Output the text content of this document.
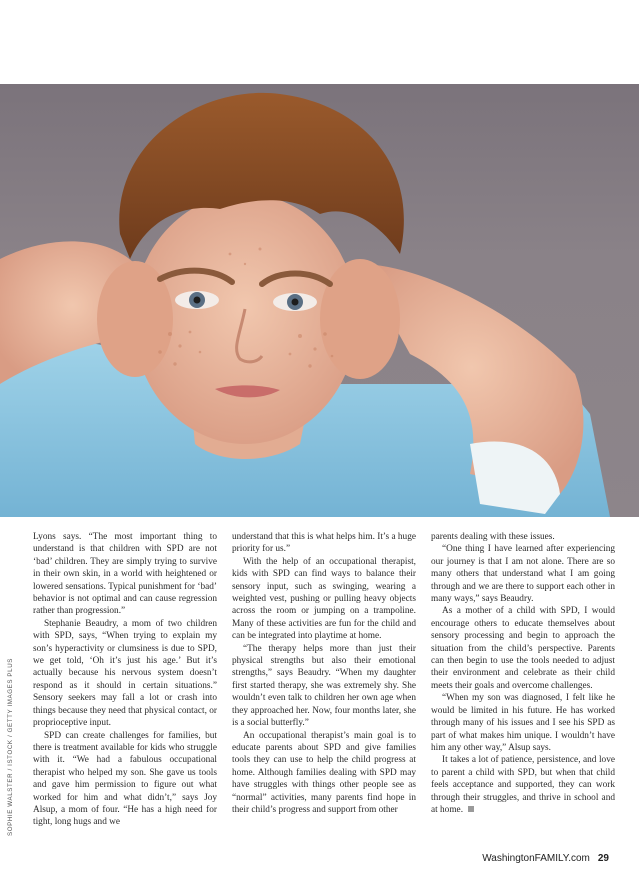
SOPHIE WALSTER / ISTOCK / GETTY IMAGES PLUS

Lyons says. “The most important thing to understand is that children with SPD are not ‘bad’ children. They are simply trying to survive in their own skin, in a world with heightened or lowered sensations. Typical punishment for ‘bad’ behavior is not optimal and can cause regression rather than progression.”

Stephanie Beaudry, a mom of two children with SPD, says, “When trying to explain my son’s hyperactivity or clumsiness is due to SPD, we get told, ‘Oh it’s just his age.’ But it’s actually because his nervous system doesn’t respond as it should in certain situations.” Sensory seekers may fall a lot or crash into things because they need that physical contact, or proprioceptive input.

SPD can create challenges for families, but there is treatment available for kids who struggle with it. “We had a fabulous occupational therapist who helped my son. She gave us tools and gave him permission to figure out what worked for him and what didn’t,” says Joy Alsup, a mom of four. “He has a high need for tight, long hugs and we

understand that this is what helps him. It’s a huge priority for us.”

With the help of an occupational therapist, kids with SPD can find ways to balance their sensory input, such as swinging, wearing a weighted vest, pushing or pulling heavy objects across the room or jumping on a trampoline. Many of these activities are fun for the child and can be integrated into playtime at home.

“The therapy helps more than just their physical strengths but also their emotional strengths,” says Beaudry. “When my daughter first started therapy, she was extremely shy. She wouldn’t even talk to children her own age when they approached her. Now, four months later, she is a social butterfly.”

An occupational therapist’s main goal is to educate parents about SPD and give families tools they can use to help the child progress at home. Although families dealing with SPD may have struggles with things other people see as “normal” activities, many parents find hope in their child’s progress and support from other

parents dealing with these issues.

“One thing I have learned after experiencing our journey is that I am not alone. There are so many others that understand what I am going through and we are there to support each other in many ways,” says Beaudry.

As a mother of a child with SPD, I would encourage others to educate themselves about sensory processing and begin to approach the situation from the child’s perspective. Parents can then begin to use the tools needed to adjust their environment and celebrate as their child meets their goals and overcome challenges.

“When my son was diagnosed, I felt like he would be limited in his future. He has worked through many of his issues and I see his SPD as part of what makes him unique. I wouldn’t have him any other way,” Alsup says.

It takes a lot of patience, persistence, and love to parent a child with SPD, but when that child feels acceptance and supported, they can work through their struggles, and thrive in school and at home.

WashingtonFAMILY.com 29
